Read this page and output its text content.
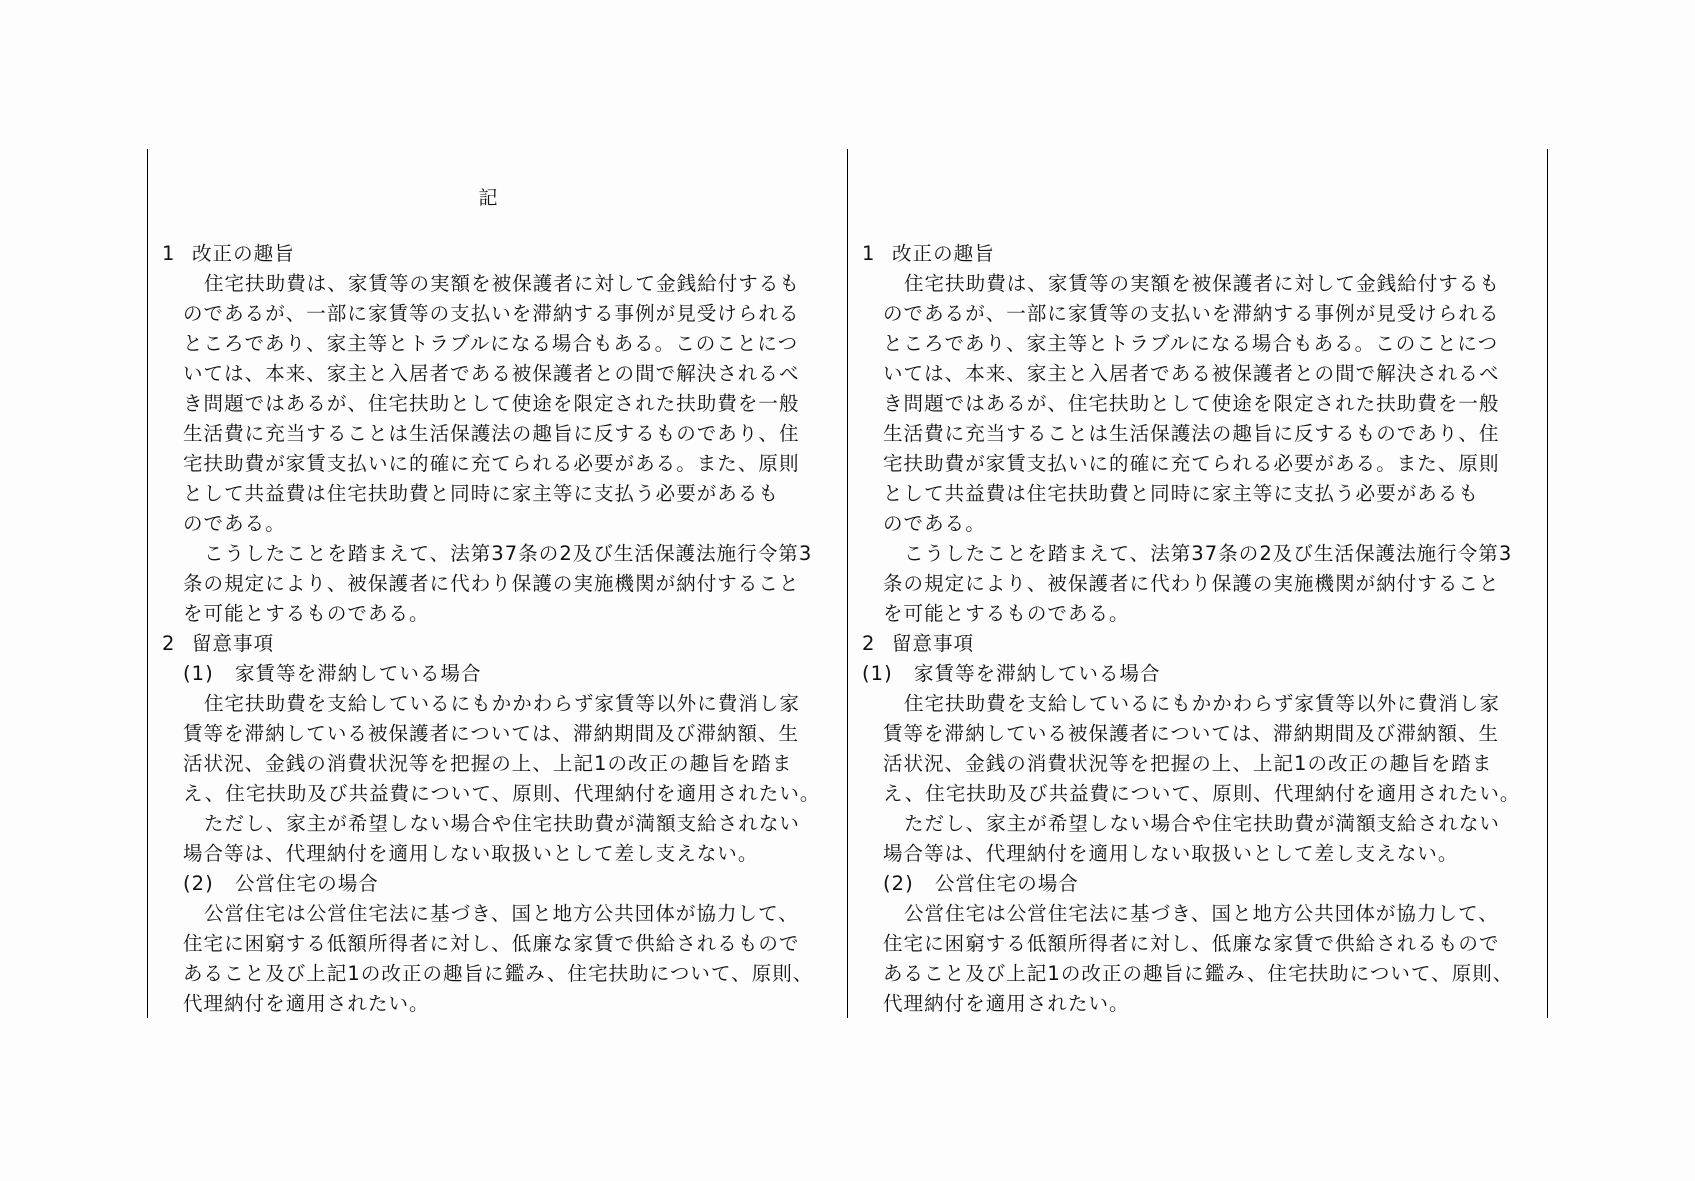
記
1 改正の趣旨
住宅扶助費は、家賃等の実額を被保護者に対して金銭給付するも
のであるが、一部に家賃等の支払いを滞納する事例が見受けられる
ところであり、家主等とトラブルになる場合もある。このことにつ
いては、本来、家主と入居者である被保護者との間で解決されるべ
き問題ではあるが、住宅扶助として使途を限定された扶助費を一般
生活費に充当することは生活保護法の趣旨に反するものであり、住
宅扶助費が家賃支払いに的確に充てられる必要がある。また、原則
として共益費は住宅扶助費と同時に家主等に支払う必要があるも
のである。
こうしたことを踏まえて、法第37条の2及び生活保護法施行令第3
条の規定により、被保護者に代わり保護の実施機関が納付すること
を可能とするものである。
2 留意事項
(1) 家賃等を滞納している場合
住宅扶助費を支給しているにもかかわらず家賃等以外に費消し家
賃等を滞納している被保護者については、滞納期間及び滞納額、生
活状況、金銭の消費状況等を把握の上、上記1の改正の趣旨を踏ま
え、住宅扶助及び共益費について、原則、代理納付を適用されたい。
ただし、家主が希望しない場合や住宅扶助費が満額支給されない
場合等は、代理納付を適用しない取扱いとして差し支えない。
(2) 公営住宅の場合
公営住宅は公営住宅法に基づき、国と地方公共団体が協力して、
住宅に困窮する低額所得者に対し、低廉な家賃で供給されるもので
あること及び上記1の改正の趣旨に鑑み、住宅扶助について、原則、
代理納付を適用されたい。
1 改正の趣旨
住宅扶助費は、家賃等の実額を被保護者に対して金銭給付するも
のであるが、一部に家賃等の支払いを滞納する事例が見受けられる
ところであり、家主等とトラブルになる場合もある。このことにつ
いては、本来、家主と入居者である被保護者との間で解決されるべ
き問題ではあるが、住宅扶助として使途を限定された扶助費を一般
生活費に充当することは生活保護法の趣旨に反するものであり、住
宅扶助費が家賃支払いに的確に充てられる必要がある。また、原則
として共益費は住宅扶助費と同時に家主等に支払う必要があるも
のである。
こうしたことを踏まえて、法第37条の2及び生活保護法施行令第3
条の規定により、被保護者に代わり保護の実施機関が納付すること
を可能とするものである。
2 留意事項
(1) 家賃等を滞納している場合
住宅扶助費を支給しているにもかかわらず家賃等以外に費消し家
賃等を滞納している被保護者については、滞納期間及び滞納額、生
活状況、金銭の消費状況等を把握の上、上記1の改正の趣旨を踏ま
え、住宅扶助及び共益費について、原則、代理納付を適用されたい。
ただし、家主が希望しない場合や住宅扶助費が満額支給されない
場合等は、代理納付を適用しない取扱いとして差し支えない。
(2) 公営住宅の場合
公営住宅は公営住宅法に基づき、国と地方公共団体が協力して、
住宅に困窮する低額所得者に対し、低廉な家賃で供給されるもので
あること及び上記1の改正の趣旨に鑑み、住宅扶助について、原則、
代理納付を適用されたい。
